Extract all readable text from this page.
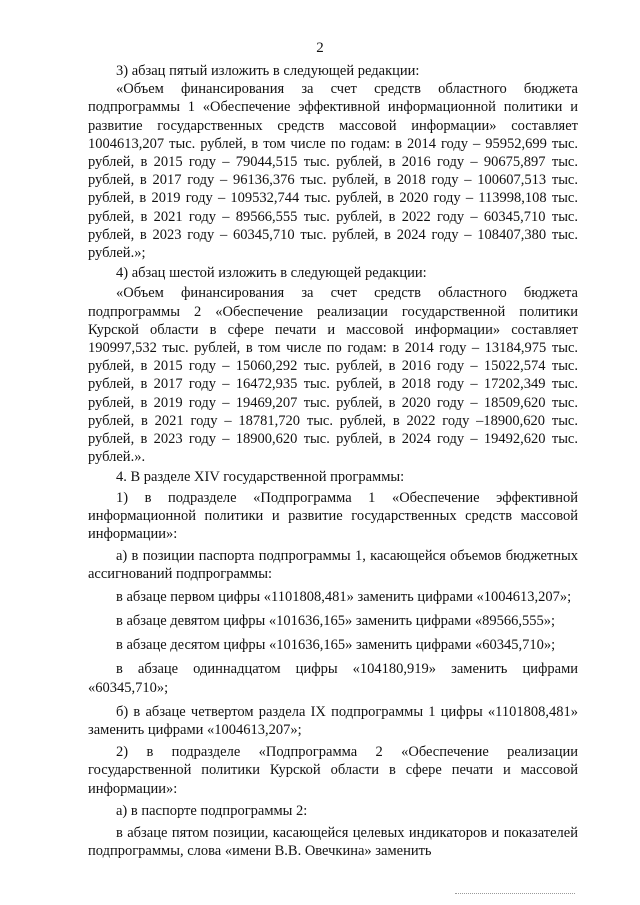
2

3) абзац пятый изложить в следующей редакции:

«Объем финансирования за счет средств областного бюджета подпрограммы 1 «Обеспечение эффективной информационной политики и развитие государственных средств массовой информации» составляет 1004613,207 тыс. рублей, в том числе по годам: в 2014 году – 95952,699 тыс. рублей, в 2015 году – 79044,515 тыс. рублей, в 2016 году – 90675,897 тыс. рублей, в 2017 году – 96136,376 тыс. рублей, в 2018 году – 100607,513 тыс. рублей, в 2019 году – 109532,744 тыс. рублей, в 2020 году – 113998,108 тыс. рублей, в 2021 году – 89566,555 тыс. рублей, в 2022 году – 60345,710 тыс. рублей, в 2023 году – 60345,710 тыс. рублей, в 2024 году – 108407,380 тыс. рублей.»;

4) абзац шестой изложить в следующей редакции:

«Объем финансирования за счет средств областного бюджета подпрограммы 2 «Обеспечение реализации государственной политики Курской области в сфере печати и массовой информации» составляет 190997,532 тыс. рублей, в том числе по годам: в 2014 году – 13184,975 тыс. рублей, в 2015 году – 15060,292 тыс. рублей, в 2016 году – 15022,574 тыс. рублей, в 2017 году – 16472,935 тыс. рублей, в 2018 году – 17202,349 тыс. рублей, в 2019 году – 19469,207 тыс. рублей, в 2020 году – 18509,620 тыс. рублей, в 2021 году – 18781,720 тыс. рублей, в 2022 году –18900,620 тыс. рублей, в 2023 году – 18900,620 тыс. рублей, в 2024 году – 19492,620 тыс. рублей.».

4. В разделе XIV государственной программы:

1) в подразделе «Подпрограмма 1 «Обеспечение эффективной информационной политики и развитие государственных средств массовой информации»:

а) в позиции паспорта подпрограммы 1, касающейся объемов бюджетных ассигнований подпрограммы:

в абзаце первом цифры «1101808,481» заменить цифрами «1004613,207»;

в абзаце девятом цифры «101636,165» заменить цифрами «89566,555»;

в абзаце десятом цифры «101636,165» заменить цифрами «60345,710»;

в абзаце одиннадцатом цифры «104180,919» заменить цифрами «60345,710»;

б) в абзаце четвертом раздела IX подпрограммы 1 цифры «1101808,481» заменить цифрами «1004613,207»;

2) в подразделе «Подпрограмма 2 «Обеспечение реализации государственной политики Курской области в сфере печати и массовой информации»:

а) в паспорте подпрограммы 2:

в абзаце пятом позиции, касающейся целевых индикаторов и показателей подпрограммы, слова «имени В.В. Овечкина» заменить
